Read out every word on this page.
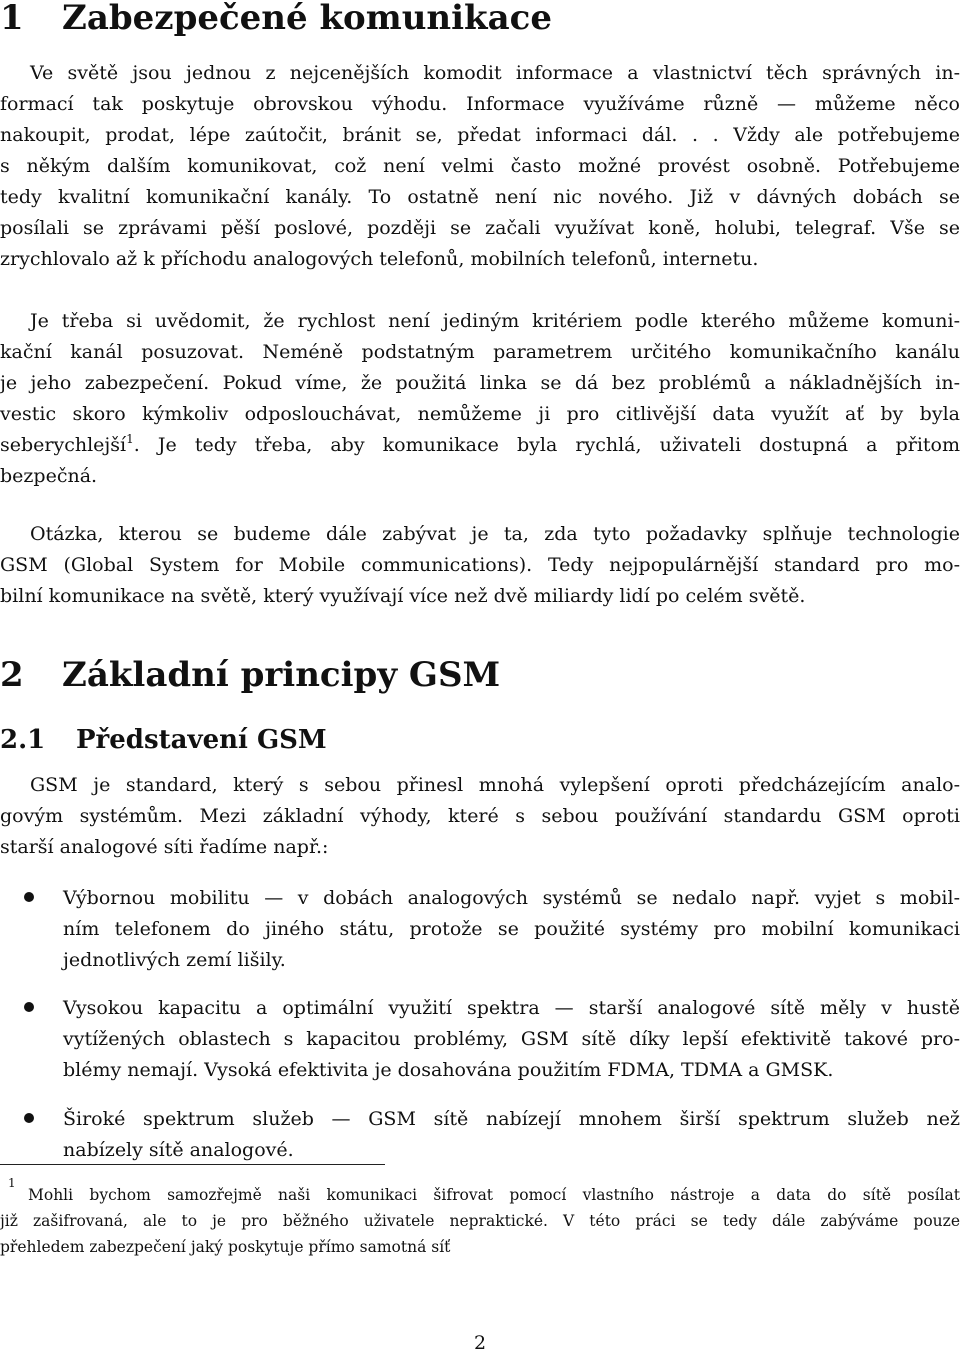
1 Zabezpečené komunikace
Ve světě jsou jednou z nejcenějších komodit informace a vlastnictví těch správných in-
formací tak poskytuje obrovskou výhodu. Informace využíváme různě — můžeme něco
nakoupit, prodat, lépe zaútočit, bránit se, předat informaci dál. . . Vždy ale potřebujeme
s někým dalším komunikovat, což není velmi často možné provést osobně. Potřebujeme
tedy kvalitní komunikační kanály. To ostatně není nic nového. Již v dávných dobách se
posílali se zprávami pěší poslové, později se začali využívat koně, holubi, telegraf. Vše se
zrychlovalo až k příchodu analogových telefonů, mobilních telefonů, internetu.
Je třeba si uvědomit, že rychlost není jediným kritériem podle kterého můžeme komuni-
kační kanál posuzovat. Neméně podstatným parametrem určitého komunikačního kanálu
je jeho zabezpečení. Pokud víme, že použitá linka se dá bez problémů a nákladnějších in-
vestic skoro kýmkoliv odposlouchávat, nemůžeme ji pro citlivější data využít ať by byla
seberychlejší$^1$. Je tedy třeba, aby komunikace byla rychlá, uživateli dostupná a přitom
bezpečná.
Otázka, kterou se budeme dále zabývat je ta, zda tyto požadavky splňuje technologie
GSM (Global System for Mobile communications). Tedy nejpopulárnější standard pro mo-
bilní komunikace na světě, který využívají více než dvě miliardy lidí po celém světě.
2 Základní principy GSM
2.1 Představení GSM
GSM je standard, který s sebou přinesl mnohá vylepšení oproti předcházejícím analo-
govým systémům. Mezi základní výhody, které s sebou používání standardu GSM oproti
starší analogové síti řadíme např.:
Výbornou mobilitu — v dobách analogových systémů se nedalo např. vyjet s mobil-
ním telefonem do jiného státu, protože se použité systémy pro mobilní komunikaci
jednotlivých zemí lišily.
Vysokou kapacitu a optimální využití spektra — starší analogové sítě měly v hustě
vytížených oblastech s kapacitou problémy, GSM sítě díky lepší efektivitě takové pro-
blémy nemají. Vysoká efektivita je dosahována použitím FDMA, TDMA a GMSK.
Široké spektrum služeb — GSM sítě nabízejí mnohem širší spektrum služeb než
nabízely sítě analogové.
1
Mohli bychom samozřejmě naši komunikaci šifrovat pomocí vlastního nástroje a data do sítě posílat
již zašifrovaná, ale to je pro běžného uživatele nepraktické. V této práci se tedy dále zabýváme pouze
přehledem zabezpečení jaký poskytuje přímo samotná síť
2
